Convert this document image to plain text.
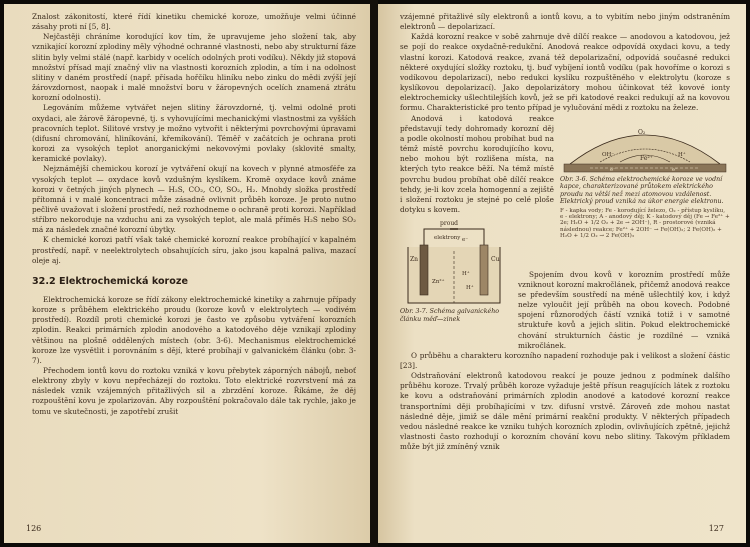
Znalost zákonitostí, které řídí kinetiku chemické koroze, umožňuje velmi účinné zásahy proti ní [5, 8].

Nejčastěji chráníme korodující kov tím, že upravujeme jeho složení tak, aby vznikající korozní zplodiny měly výhodné ochranné vlastnosti, nebo aby strukturní fáze slitin byly velmi stálé (např. karbidy v ocelích odolných proti vodíku). Někdy již stopová množství přísad mají značný vliv na vlastnosti korozních zplodin, a tím i na odolnost slitiny v daném prostředí (např. přísada hořčíku hliníku nebo zinku do mědi zvýší její žárovzdornost, naopak i malé množství boru v žáropevných ocelích znamená ztrátu korozní odolnosti).

Legováním můžeme vytvářet nejen slitiny žárovzdorné, tj. velmi odolné proti oxydaci, ale žárově žáropevné, tj. s vyhovujícími mechanickými vlastnostmi za vyšších pracovních teplot. Silitové vrstvy je možno vytvořit i některými povrchovými úpravami (difusní chromování, hliníkování, křemíkování). Téměř v začátcích je ochrana proti korozi za vysokých teplot anorganickými nekovovými povlaky (sklovité smalty, keramické povlaky).

Nejznámější chemickou korozí je vytváření okují na kovech v plynné atmosféře za vysokých teplot — oxydace kovů vzdušným kyslíkem. Kromě oxydace kovů známe korozi v četných jiných plynech — H₂S, CO₂, CO, SO₂, H₂. Mnohdy složka prostředí přítomná i v malé koncentraci může zásadně ovlivnit průběh koroze. Je proto nutno pečlivě uvažovat i složení prostředí, než rozhodneme o ochraně proti korozi. Například stříbro nekoroduje na vzduchu ani za vysokých teplot, ale malá příměs H₂S nebo SO₂ má za následek značné korozní úbytky.

K chemické korozi patří však také chemické korozní reakce probíhající v kapalném prostředí, např. v neelektrolytech obsahujících síru, jako jsou kapalná paliva, mazací oleje aj.

32.2 Elektrochemická koroze

Elektrochemická koroze se řídí zákony elektrochemické kinetiky a zahrnuje případy koroze s průběhem elektrického proudu (koroze kovů v elektrolytech — vodivém prostředí). Rozdíl proti chemické korozi je často ve způsobu vytváření korozních zplodin. Reakci primárních zplodin anodového a katodového děje vznikají zplodiny většinou na plošně oddělených místech (obr. 3-6). Mechanismus elektrochemické koroze lze vysvětlit i porovnáním s dějí, které probíhají v galvanickém článku (obr. 3-7).

Přechodem iontů kovu do roztoku vzniká v kovu přebytek záporných nábojů, neboť elektrony zbyly v kovu nepřecházejí do roztoku. Toto elektrické rozvrstvení má za následek vznik vzájemných přitažlivých sil a zbrzdění koroze. Říkáme, že děj rozpouštění kovu je zpolarizován. Aby rozpouštění pokračovalo dále tak rychle, jako je tomu ve skutečnosti, je zapotřebí zrušit

126

vzájemné přitažlivé síly elektronů a iontů kovu, a to vybitím nebo jiným odstraněním elektronů — depolarizací.

Každá korozní reakce v sobě zahrnuje dvě dílčí reakce — anodovou a katodovou, jež se pojí do reakce oxydačně-redukční. Anodová reakce odpovídá oxydaci kovu, a tedy vlastní korozi. Katodová reakce, zvaná též depolarizační, odpovídá současné redukci některé oxydující složky roztoku, tj. buď vybíjení iontů vodíku (pak hovoříme o korozi s vodíkovou depolarizací), nebo redukci kyslíku rozpuštěného v elektrolytu (koroze s kyslíkovou depolarizací). Jako depolarizátory mohou účinkovat též kovové ionty elektrochemicky ušlechtilejších kovů, jež se při katodové reakci redukují až na kovovou formu. Charakteristické pro tento případ je vylučování mědi z roztoku na železe.

O₂
Fe²⁺
OH⁻	H⁺
e⁻	e⁻
Obr. 3-6. Schéma elektrochemické koroze ve vodní kapce, charakterizované průtokem elektrického proudu na větší než mezi atomovou vzdálenost. Elektrický proud vzniká na úkor energie elektronu.
F - kapka vody; Fe - korodující železo, O₂ - přístup kyslíku, e - elektrony; A - anodový děj; K - katodový děj (Fe → Fe²⁺ + 2e; H₂O + 1/2 O₂ + 2e → 2OH⁻), R - prostorové (vzniká následnou) reakce; Fe²⁺ + 2OH⁻ → Fe(OH)₂; 2 Fe(OH)₂ + H₂O + 1/2 O₂ → 2 Fe(OH)₃

Anodová i katodová reakce představují tedy dohromady korozní děj a podle okolností mohou probíhat bud na témž místě povrchu korodujícího kovu, nebo mohou být rozlišena místa, na kterých tyto reakce běží. Na témž místě povrchu budou probíhat obě dílčí reakce tehdy, je-li kov zcela homogenní a zejiště i složení roztoku je stejné po celé ploše dotyku s kovem.

proud
elektrony
Zn	Cu
H⁺
H⁺
Zn²⁺
e⁻
Obr. 3-7. Schéma galvanického článku měď—zinek

Spojením dvou kovů v korozním prostředí může vzniknout korozní makročlánek, přičemž anodová reakce se především soustředí na méně ušlechtilý kov, i když nelze vyloučit její průběh na obou kovech. Podobné spojení různorodých částí vzniká totiž i v samotné struktuře kovů a jejich slitin. Pokud elektrochemické chování strukturních částic je rozdílné — vzniká mikročlánek.

O průběhu a charakteru korozního napadení rozhoduje pak i velikost a složení částic [23].

Odstraňování elektronů katodovou reakcí je pouze jednou z podmínek dalšího průběhu koroze. Trvalý průběh koroze vyžaduje ještě přísun reagujících látek z roztoku ke kovu a odstraňování primárních zplodin anodové a katodové korozní reakce transportními ději probíhajícími v tzv. difusní vrstvě. Zároveň zde mohou nastat následné děje, jimiž se dále mění primární reakční produkty. V některých případech vedou následné reakce ke vzniku tuhých korozních zplodin, ovlivňujících zpětně, jejichž vlastnosti často rozhodují o korozním chování kovu nebo slitiny. Takovým příkladem může být již zmíněný vznik

127
